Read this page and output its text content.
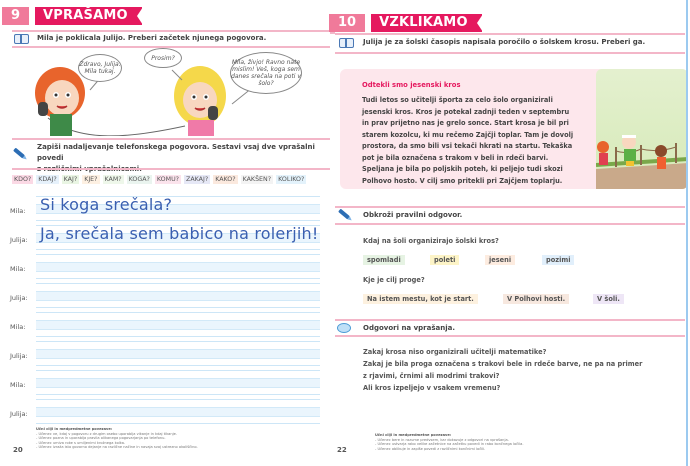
9	VPRAŠAMO
Mila je poklicala Julijo. Preberi začetek njunega pogovora.
Zdravo, Julija. Mila tukaj.
Prosim?
Mila, živjo! Ravno nate mislim! Veš, koga sem danes srečala na poti v šolo?
Zapiši nadaljevanje telefonskega pogovora. Sestavi vsaj dve vprašalni povedi
KDO?	KDAJ?	KAJ?	KJE?	KAM?	KOGA?	KOMU?	ZAKAJ?	KAKO?	KAKŠEN?	KOLIKO?
Mila: Si koga srečala?
Julija: Ja, srečala sem babico na rolerjih!
Mila:
Julija:
Mila:
Julija:
Mila:
Julija:
Učni cilji in medpredmetne povezave:
- Učenec ve, kdaj v pogovoru z drugim osebo uporablja vikanje in kdaj tikanje.
- Učenec pozna in uporablja pravila olikanega pogovarjanja po telefonu.
- Učenec umiva roke s umiljenimi krožnega kolka.
- Učenec izraža isto govorno dejanje na različne načine in navaja svoj ustrezno okoliščino.
20
10	VZKLIKAMO
Julija je za šolski časopis napisala poročilo o šolskem krosu. Preberi ga.
Odtekli smo jesenski kros
Tudi letos so učitelji športa za celo šolo organizirali
jesenski kros. Kros je potekal zadnji teden v septembru
in prav prijetno nas je grelo sonce. Start krosa je bil pri
starem kozolcu, ki mu rečemo Zajčji toplar. Tam je dovolj
prostora, da smo bili vsi tekači hkrati na startu. Tekaška
pot je bila označena s trakom v beli in rdeči barvi.
Speljana je bila po poljskih poteh, ki peljejo tudi skozi
Polhovo hosto. V cilj smo pritekli pri Zajčjem toplarju.
Obkroži pravilni odgovor.
Kdaj na šoli organizirajo šolski kros?
spomladi	poleti	jeseni	pozimi
Kje je cilj proge?
Na istem mestu, kot je start.	V Polhovi hosti.	V šoli.
Odgovori na vprašanja.
Zakaj krosa niso organizirali učitelji matematike?
Zakaj je bila proga označena s trakovi bele in rdeče barve, ne pa na primer
z rjavimi, črnimi ali modrimi trakovi?
Ali kros izpeljejo v vsakem vremenu?
Učni cilji in medpredmetne povezave:
- Učenec bere in razume predvsem, kar dokazuje z odgovori na vprašanja.
- Učenec ustvarja rabo velike začetnice na začetku povedi in rabo končnega ločila.
- Učenec oblikuje in zapiše povedi z različnimi končnimi ločili.
22
